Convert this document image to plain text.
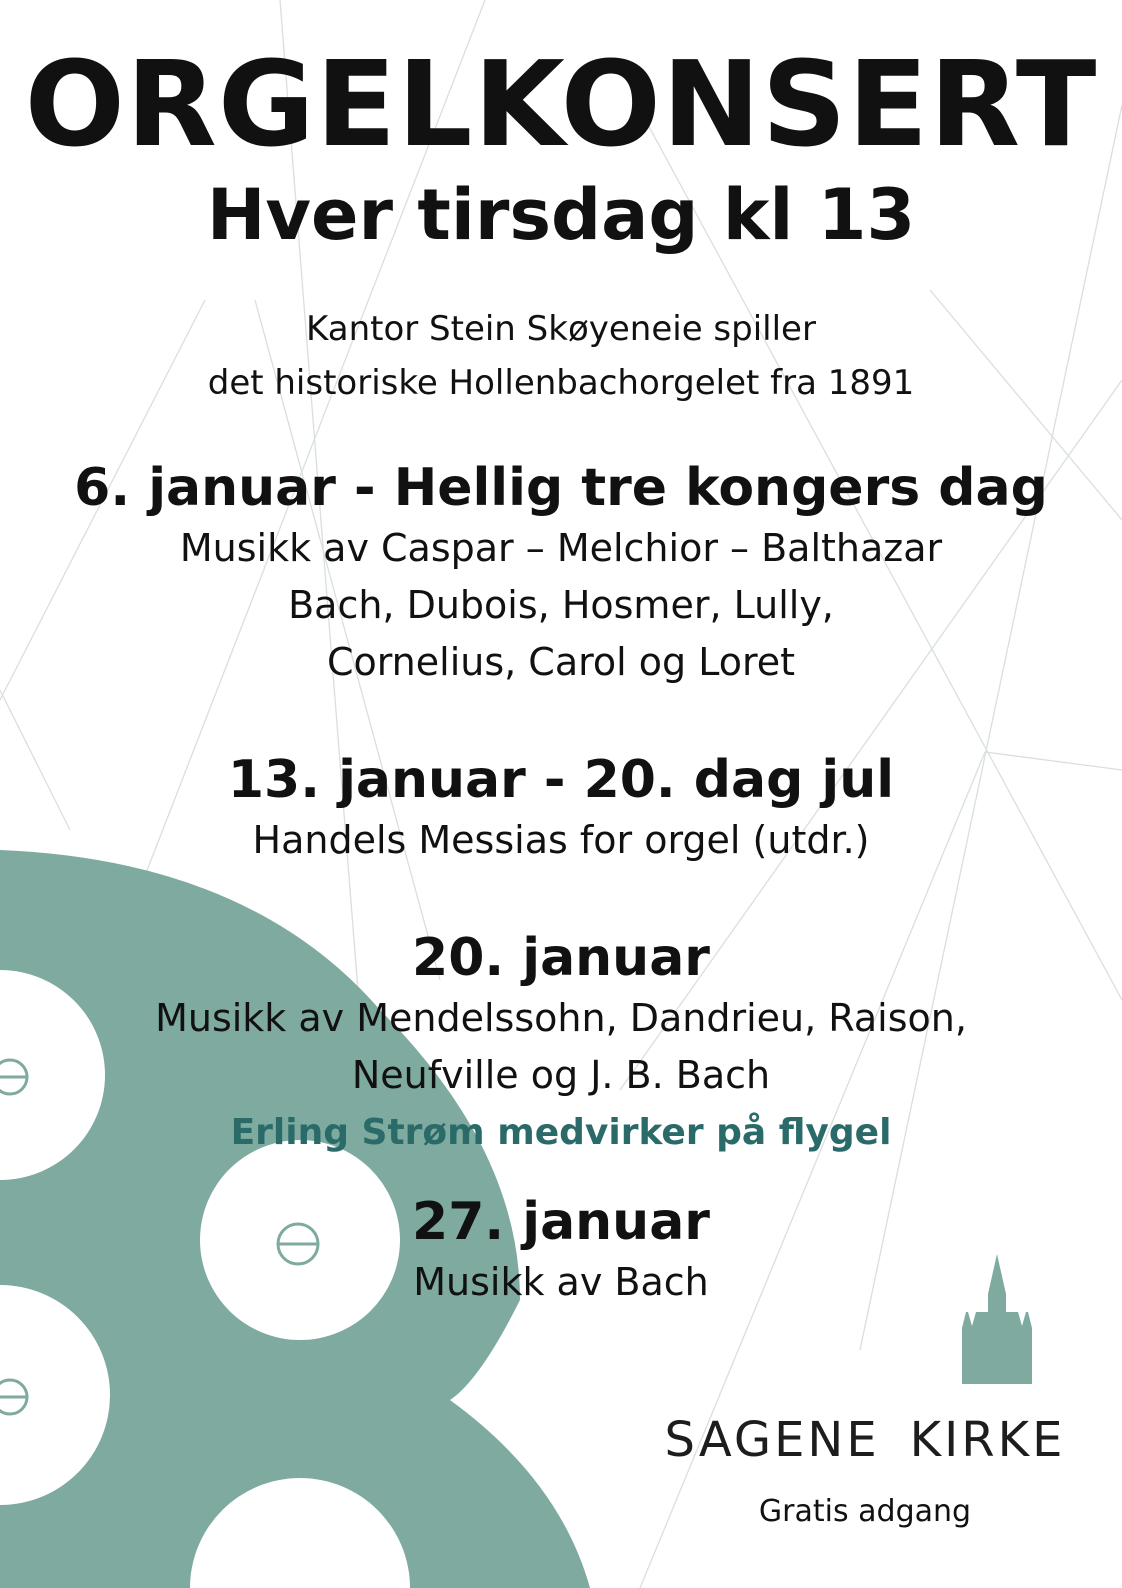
ORGELKONSERT
Hver tirsdag kl 13
Kantor Stein Skøyeneie spiller
det historiske Hollenbachorgelet fra 1891
6. januar - Hellig tre kongers dag
Musikk av Caspar – Melchior – Balthazar
Bach, Dubois, Hosmer, Lully,
Cornelius, Carol og Loret
13. januar - 20. dag jul
Handels Messias for orgel (utdr.)
20. januar
Musikk av Mendelssohn, Dandrieu, Raison,
Neufville og J. B. Bach
Erling Strøm medvirker på flygel
27. januar
Musikk av Bach
SAGENE KIRKE
Gratis adgang
